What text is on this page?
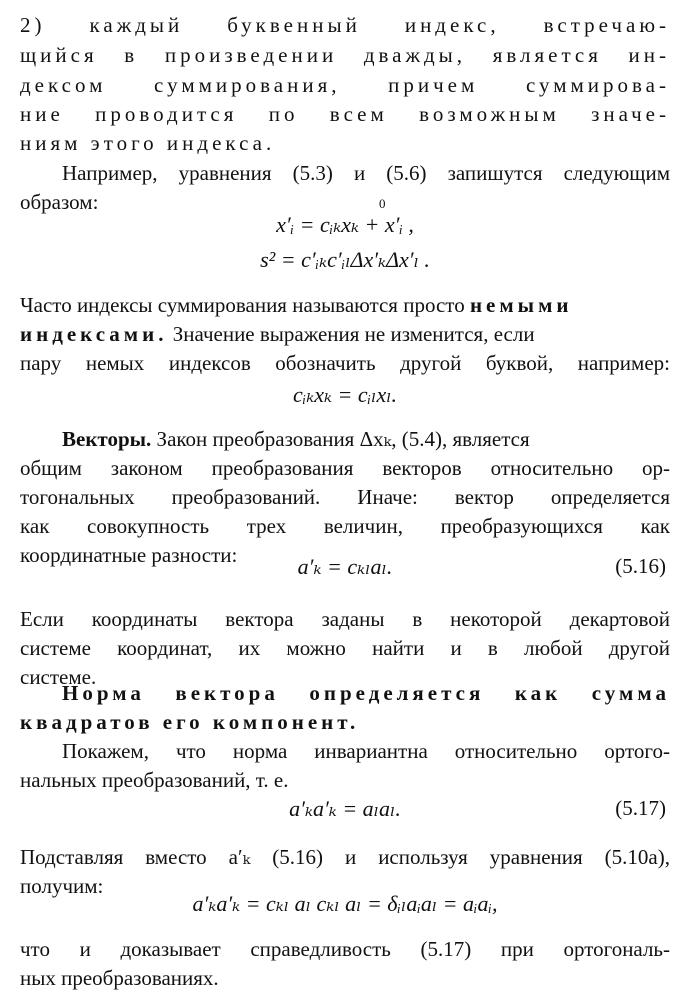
2) каждый буквенный индекс, встречаю-
щийся в произведении дважды, является ин-
дексом суммирования, причем суммирова-
ние проводится по всем возможным значе-
ниям этого индекса.
Например, уравнения (5.3) и (5.6) запишутся следующим
образом:	0
x′ᵢ = cᵢₖxₖ + x′ᵢ ,
s² = c′ᵢₖc′ᵢₗΔx′ₖΔx′ₗ .
Часто индексы суммирования называются просто немыми
индексами. Значение выражения не изменится, если
пару немых индексов обозначить другой буквой, например:
cᵢₖxₖ = cᵢₗxₗ.
Векторы. Закон преобразования Δxₖ, (5.4), является
общим законом преобразования векторов относительно ор-
тогональных преобразований. Иначе: вектор определяется
как совокупность трех величин, преобразующихся как
координатные разности:	a′ₖ = cₖₗaₗ.	(5.16)
Если координаты вектора заданы в некоторой декартовой
системе координат, их можно найти и в любой другой
системе.
Норма вектора определяется как сумма
квадратов его компонент.
Покажем, что норма инвариантна относительно ортого-
нальных преобразований, т. е.
a′ₖa′ₖ = aₗaₗ.	(5.17)
Подставляя вместо a′ₖ (5.16) и используя уравнения (5.10а),
получим:
a′ₖa′ₖ = cₖₗ aₗ cₖₗ aₗ = δᵢₗaᵢaₗ = aᵢaᵢ,
что и доказывает справедливость (5.17) при ортогональ-
ных преобразованиях.
